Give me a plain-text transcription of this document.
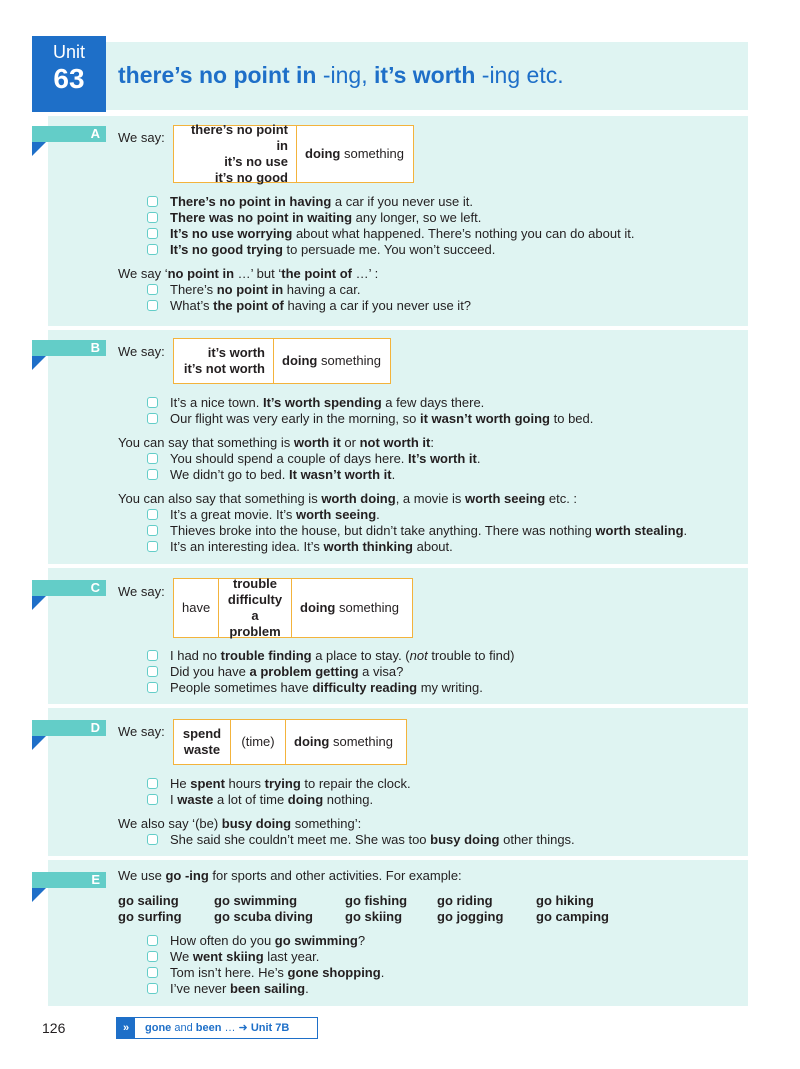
Unit
63	there’s no point in -ing, it’s worth -ing etc.
A We say:
there’s no point in
it’s no use
it’s no good
doing something
There’s no point in having a car if you never use it.
There was no point in waiting any longer, so we left.
It’s no use worrying about what happened. There’s nothing you can do about it.
It’s no good trying to persuade me. You won’t succeed.
We say ‘no point in …’ but ‘the point of …’ :
There’s no point in having a car.
What’s the point of having a car if you never use it?
B We say:	it’s worth
it’s not worth
doing something
It’s a nice town. It’s worth spending a few days there.
Our flight was very early in the morning, so it wasn’t worth going to bed.
You can say that something is worth it or not worth it:
You should spend a couple of days here. It’s worth it.
We didn’t go to bed. It wasn’t worth it.
You can also say that something is worth doing, a movie is worth seeing etc. :
It’s a great movie. It’s worth seeing.
Thieves broke into the house, but didn’t take anything. There was nothing worth stealing.
It’s an interesting idea. It’s worth thinking about.
C We say:
have
trouble
difficulty
a problem
doing something
I had no trouble finding a place to stay. (not trouble to find)
Did you have a problem getting a visa?
People sometimes have difficulty reading my writing.
D We say: spend
waste
(time) doing something
He spent hours trying to repair the clock.
I waste a lot of time doing nothing.
We also say ‘(be) busy doing something’:
She said she couldn’t meet me. She was too busy doing other things.
E We use go -ing for sports and other activities. For example:
go sailing	go swimming	go fishing go riding	go hiking
go surfing go scuba diving go skiing	go jogging	go camping
How often do you go swimming?
We went skiing last year.
Tom isn’t here. He’s gone shopping.
I’ve never been sailing.
126	»	gone and been … ➜ Unit 7B
